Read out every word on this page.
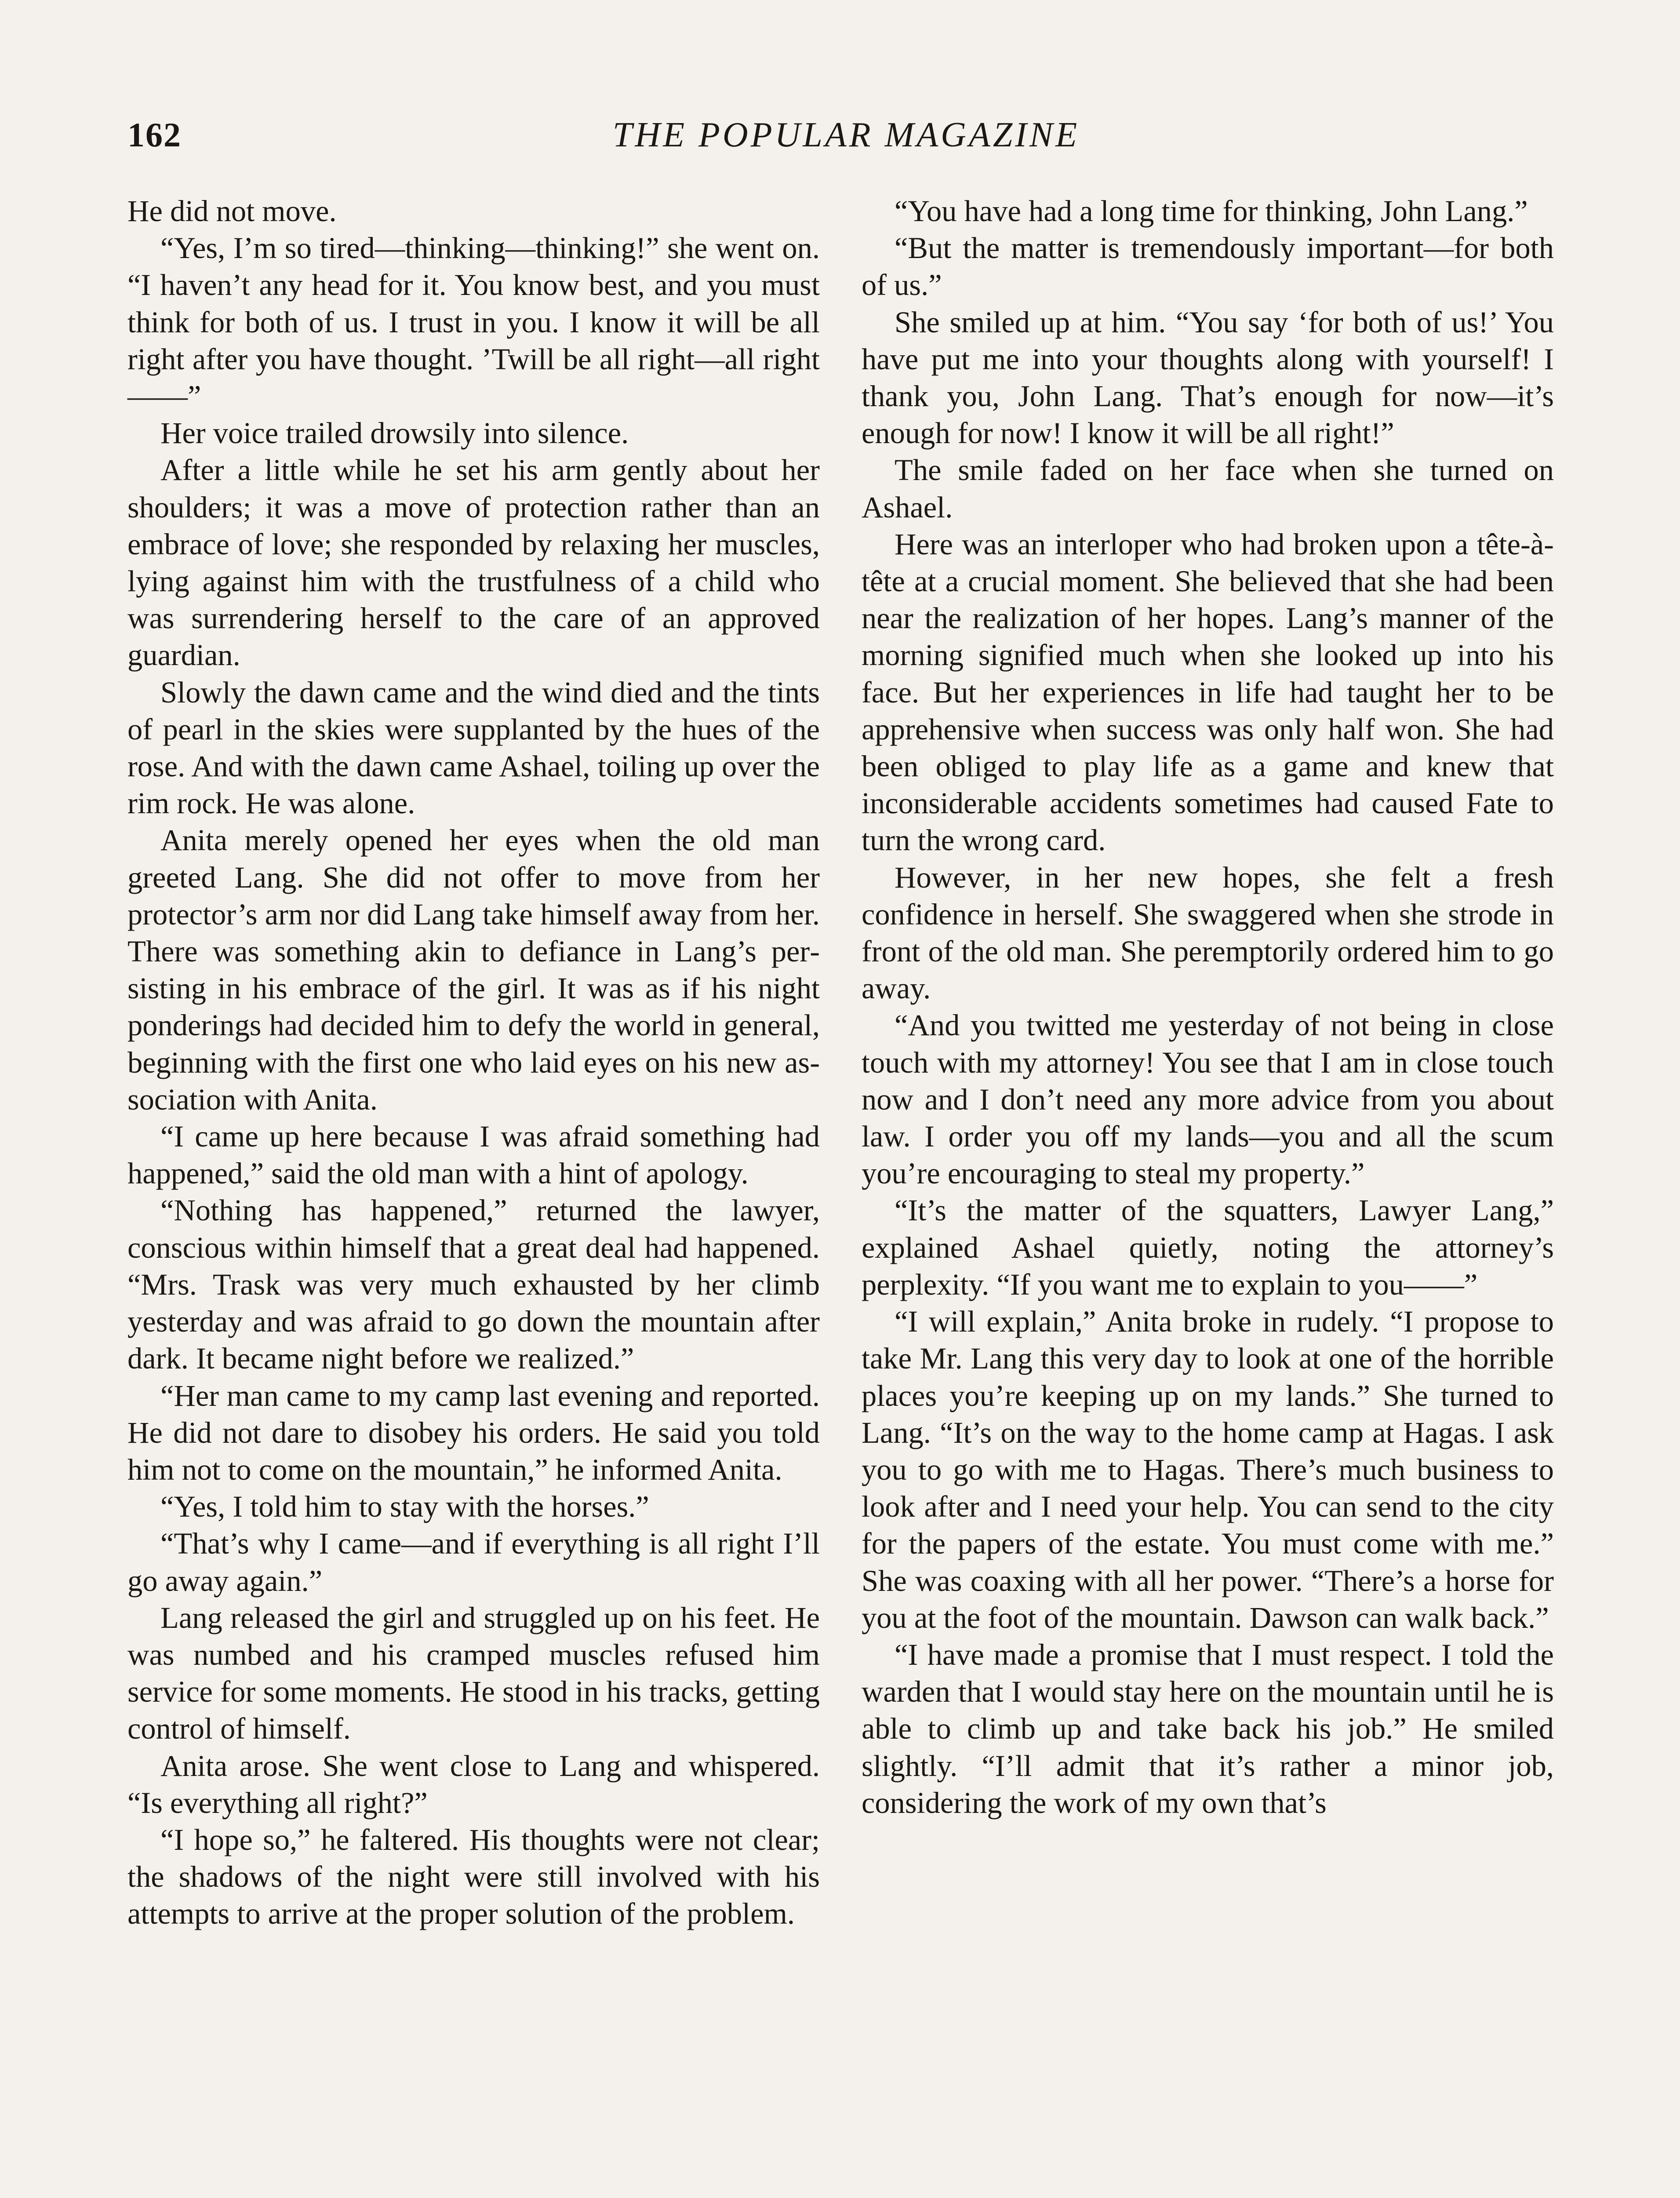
162	THE POPULAR MAGAZINE

He did not move.

“Yes, I’m so tired—thinking—thinking!” she went on. “I haven’t any head for it. You know best, and you must think for both of us. I trust in you. I know it will be all right after you have thought. ’Twill be all right—all right——”

Her voice trailed drowsily into silence.

After a little while he set his arm gently about her shoulders; it was a move of protection rather than an embrace of love; she responded by relaxing her muscles, lying against him with the trustfulness of a child who was surrendering herself to the care of an approved guardian.

Slowly the dawn came and the wind died and the tints of pearl in the skies were supplanted by the hues of the rose. And with the dawn came Ashael, toiling up over the rim rock. He was alone.

Anita merely opened her eyes when the old man greeted Lang. She did not offer to move from her protector’s arm nor did Lang take himself away from her. There was something akin to defiance in Lang’s persisting in his embrace of the girl. It was as if his night ponderings had decided him to defy the world in general, beginning with the first one who laid eyes on his new association with Anita.

“I came up here because I was afraid something had happened,” said the old man with a hint of apology.

“Nothing has happened,” returned the lawyer, conscious within himself that a great deal had happened. “Mrs. Trask was very much exhausted by her climb yesterday and was afraid to go down the mountain after dark. It became night before we realized.”

“Her man came to my camp last evening and reported. He did not dare to disobey his orders. He said you told him not to come on the mountain,” he informed Anita.

“Yes, I told him to stay with the horses.”

“That’s why I came—and if everything is all right I’ll go away again.”

Lang released the girl and struggled up on his feet. He was numbed and his cramped muscles refused him service for some moments. He stood in his tracks, getting control of himself.

Anita arose. She went close to Lang and whispered. “Is everything all right?”

“I hope so,” he faltered. His thoughts were not clear; the shadows of the night were still involved with his attempts to arrive at the proper solution of the problem.

“You have had a long time for thinking, John Lang.”

“But the matter is tremendously important—for both of us.”

She smiled up at him. “You say ‘for both of us!’ You have put me into your thoughts along with yourself! I thank you, John Lang. That’s enough for now—it’s enough for now! I know it will be all right!”

The smile faded on her face when she turned on Ashael.

Here was an interloper who had broken upon a tête-à-tête at a crucial moment. She believed that she had been near the realization of her hopes. Lang’s manner of the morning signified much when she looked up into his face. But her experiences in life had taught her to be apprehensive when success was only half won. She had been obliged to play life as a game and knew that inconsiderable accidents sometimes had caused Fate to turn the wrong card.

However, in her new hopes, she felt a fresh confidence in herself. She swaggered when she strode in front of the old man. She peremptorily ordered him to go away.

“And you twitted me yesterday of not being in close touch with my attorney! You see that I am in close touch now and I don’t need any more advice from you about law. I order you off my lands—you and all the scum you’re encouraging to steal my property.”

“It’s the matter of the squatters, Lawyer Lang,” explained Ashael quietly, noting the attorney’s perplexity. “If you want me to explain to you——”

“I will explain,” Anita broke in rudely. “I propose to take Mr. Lang this very day to look at one of the horrible places you’re keeping up on my lands.” She turned to Lang. “It’s on the way to the home camp at Hagas. I ask you to go with me to Hagas. There’s much business to look after and I need your help. You can send to the city for the papers of the estate. You must come with me.” She was coaxing with all her power. “There’s a horse for you at the foot of the mountain. Dawson can walk back.”

“I have made a promise that I must respect. I told the warden that I would stay here on the mountain until he is able to climb up and take back his job.” He smiled slightly. “I’ll admit that it’s rather a minor job, considering the work of my own that’s
